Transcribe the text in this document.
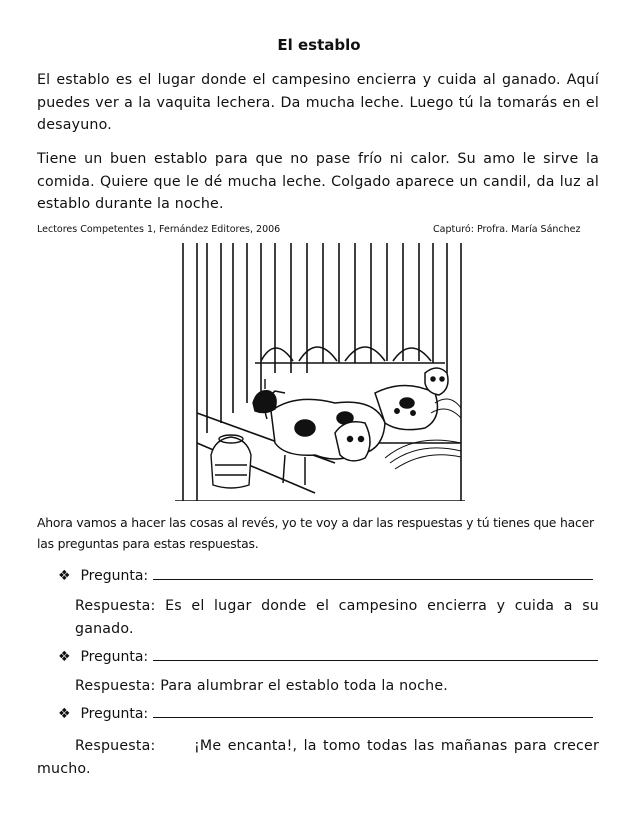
El establo
El establo es el lugar donde el campesino encierra y cuida al ganado. Aquí puedes ver a la vaquita lechera. Da mucha leche. Luego tú la tomarás en el desayuno.
Tiene un buen establo para que no pase frío ni calor. Su amo le sirve la comida. Quiere que le dé mucha leche. Colgado aparece un candil, da luz al establo durante la noche.
Lectores Competentes 1, Fernández Editores, 2006	Capturó: Profra. María Sánchez
Ahora vamos a hacer las cosas al revés, yo te voy a dar las respuestas y tú tienes que hacer las preguntas para estas respuestas.
❖ Pregunta:
Respuesta: Es el lugar donde el campesino encierra y cuida a su ganado.
❖ Pregunta:
Respuesta: Para alumbrar el establo toda la noche.
❖ Pregunta:
Respuesta:      ¡Me encanta!, la tomo todas las mañanas para crecer mucho.
